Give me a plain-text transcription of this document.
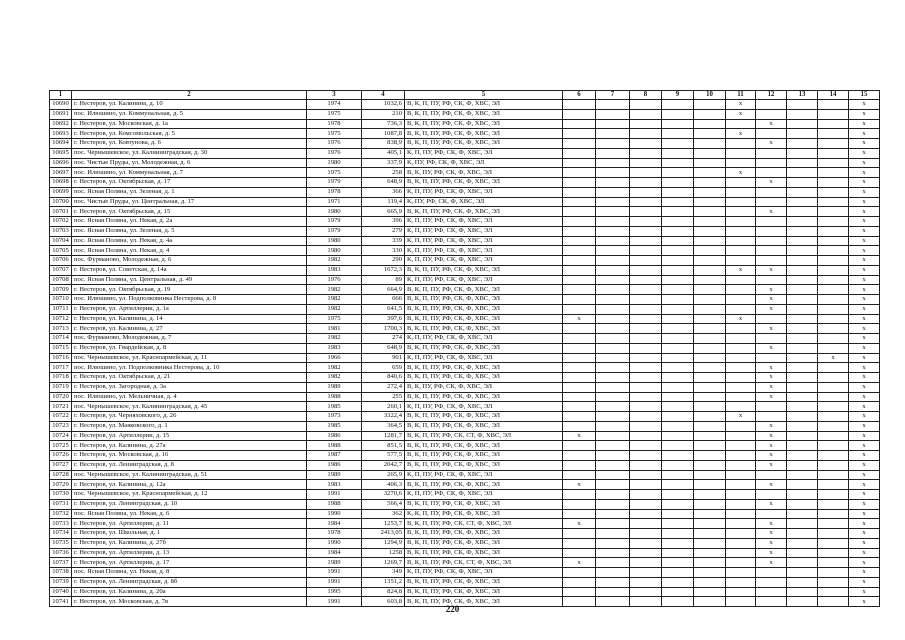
1	2	3	4	5	6	7	8	9	10	11	12	13	14	15
10690	г. Нестеров, ул. Калинина, д. 10	1974	1032,6	В, К, П, ПУ, РФ, СК, Ф, ХВС, ЭЛ						х				х
10691	пос. Илюшино, ул. Коммунальная, д. 5	1975	210	В, К, П, ПУ, РФ, СК, Ф, ХВС, ЭЛ						х				х
10692	г. Нестеров, ул. Московская, д. 1а	1978	736,3	В, К, П, ПУ, РФ, СК, Ф, ХВС, ЭЛ							х			х
10693	г. Нестеров, ул. Комсомольская, д. 5	1975	1087,8	В, К, П, ПУ, РФ, СК, Ф, ХВС, ЭЛ						х				х
10694	г. Нестеров, ул. Ковтунова, д. 6	1976	838,9	В, К, П, ПУ, РФ, СК, Ф, ХВС, ЭЛ							х			х
10695	пос. Чернышевское, ул. Калининградская, д. 30	1976	405,1	К, П, ПУ, РФ, СК, Ф, ХВС, ЭЛ										х
10696	пос. Чистые Пруды, ул. Молодежная, д. 6	1980	337,9	К, ПУ, РФ, СК, Ф, ХВС, ЭЛ										х
10697	пос. Илюшино, ул. Коммунальная, д. 7	1975	258	В, К, ПУ, РФ, СК, Ф, ХВС, ЭЛ						х				х
10698	г. Нестеров, ул. Октябрьская, д. 17	1979	648,9	В, К, П, ПУ, РФ, СК, Ф, ХВС, ЭЛ							х			х
10699	пос. Ясная Поляна, ул. Зеленая, д. 1	1978	366	К, П, ПУ, РФ, СК, Ф, ХВС, ЭЛ										х
10700	пос. Чистые Пруды, ул. Центральная, д. 17	1971	119,4	К, ПУ, РФ, СК, Ф, ХВС, ЭЛ										х
10701	г. Нестеров, ул. Октябрьская, д. 15	1980	665,9	В, К, П, ПУ, РФ, СК, Ф, ХВС, ЭЛ							х			х
10702	пос. Ясная Поляна, ул. Некая, д. 2а	1979	396	К, П, ПУ, РФ, СК, Ф, ХВС, ЭЛ										х
10703	пос. Ясная Поляна, ул. Зеленая, д. 5	1979	279	К, П, ПУ, РФ, СК, Ф, ХВС, ЭЛ										х
10704	пос. Ясная Поляна, ул. Некая, д. 4а	1980	339	К, П, ПУ, РФ, СК, Ф, ХВС, ЭЛ										х
10705	пос. Ясная Поляна, ул. Некая, д. 4	1980	330	К, П, ПУ, РФ, СК, Ф, ХВС, ЭЛ										х
10706	пос. Фурманово, Молодежная, д. 6	1982	290	К, П, ПУ, РФ, СК, Ф, ХВС, ЭЛ										х
10707	г. Нестеров, ул. Советская, д. 14а	1983	1672,3	В, К, П, ПУ, РФ, СК, Ф, ХВС, ЭЛ						х	х			х
10708	пос. Ясная Поляна, ул. Центральная, д. 49	1976	89	К, П, ПУ, РФ, СК, Ф, ХВС, ЭЛ										х
10709	г. Нестеров, ул. Октябрьская, д. 19	1982	664,9	В, К, П, ПУ, РФ, СК, Ф, ХВС, ЭЛ							х			х
10710	пос. Илюшино, ул. Подполковника Нестерова, д. 8	1982	666	В, К, П, ПУ, РФ, СК, Ф, ХВС, ЭЛ							х			х
10711	г. Нестеров, ул. Артиллерии, д. 1а	1982	641,5	В, К, П, ПУ, РФ, СК, Ф, ХВС, ЭЛ							х			х
10712	г. Нестеров, ул. Калинина, д. 14	1975	397,6	В, К, П, ПУ, РФ, СК, Ф, ХВС, ЭЛ	х					х				х
10713	г. Нестеров, ул. Калинина, д. 27	1981	1700,3	В, К, П, ПУ, РФ, СК, Ф, ХВС, ЭЛ							х			х
10714	пос. Фурманово, Молодежная, д. 7	1982	274	К, П, ПУ, РФ, СК, Ф, ХВС, ЭЛ										х
10715	г. Нестеров, ул. Гвардейская, д. 8	1983	648,9	В, К, П, ПУ, РФ, СК, Ф, ХВС, ЭЛ							х			х
10716	пос. Чернышевское, ул. Красноармейская, д. 11	1966	901	К, П, ПУ, РФ, СК, Ф, ХВС, ЭЛ									х	х
10717	пос. Илюшино, ул. Подполковника Нестерова, д. 10	1982	659	В, К, П, ПУ, РФ, СК, Ф, ХВС, ЭЛ							х			х
10718	г. Нестеров, ул. Октябрьская, д. 21	1982	840,6	В, К, П, ПУ, РФ, СК, Ф, ХВС, ЭЛ							х			х
10719	г. Нестеров, ул. Загородная, д. 3а	1989	272,4	В, К, ПУ, РФ, СК, Ф, ХВС, ЭЛ							х			х
10720	пос. Илюшино, ул. Мельничная, д. 4	1988	255	В, К, П, ПУ, РФ, СК, Ф, ХВС, ЭЛ							х			х
10721	пос. Чернышевское, ул. Калининградская, д. 45	1985	260,1	К, П, ПУ, РФ, СК, Ф, ХВС, ЭЛ										х
10722	г. Нестеров, ул. Черняховского, д. 26	1973	3322,4	В, К, П, ПУ, РФ, СК, Ф, ХВС, ЭЛ						х				х
10723	г. Нестеров, ул. Маяковского, д. 1	1985	364,5	В, К, П, ПУ, РФ, СК, Ф, ХВС, ЭЛ							х			х
10724	г. Нестеров, ул. Артиллерии, д. 15	1986	1281,7	В, К, П, ПУ, РФ, СК, СТ, Ф, ХВС, ЭЛ	х						х			х
10725	г. Нестеров, ул. Калинина, д. 27а	1988	851,5	В, К, П, ПУ, РФ, СК, Ф, ХВС, ЭЛ							х			х
10726	г. Нестеров, ул. Московская, д. 16	1987	577,5	В, К, П, ПУ, РФ, СК, Ф, ХВС, ЭЛ							х			х
10727	г. Нестеров, ул. Ленинградская, д. 8	1986	2042,7	В, К, П, ПУ, РФ, СК, Ф, ХВС, ЭЛ							х			х
10728	пос. Чернышевское, ул. Калининградская, д. 51	1989	265,9	К, П, ПУ, РФ, СК, Ф, ХВС, ЭЛ										х
10729	г. Нестеров, ул. Калинина, д. 12а	1983	406,3	В, К, П, ПУ, РФ, СК, Ф, ХВС, ЭЛ	х						х			х
10730	пос. Чернышевское, ул. Красноармейская, д. 12	1991	3270,6	К, П, ПУ, РФ, СК, Ф, ХВС, ЭЛ										х
10731	г. Нестеров, ул. Ленинградская, д. 10	1988	566,4	В, К, П, ПУ, РФ, СК, Ф, ХВС, ЭЛ							х			х
10732	пос. Ясная Поляна, ул. Некая, д. 6	1990	362	К, К, П, ПУ, РФ, СК, Ф, ХВС, ЭЛ										х
10733	г. Нестеров, ул. Артиллерии, д. 11	1984	1253,7	В, К, П, ПУ, РФ, СК, СТ, Ф, ХВС, ЭЛ	х						х			х
10734	г. Нестеров, ул. Школьная, д. 1	1978	2413,05	В, К, П, ПУ, РФ, СК, Ф, ХВС, ЭЛ							х			х
10735	г. Нестеров, ул. Калинина, д. 27б	1990	1294,9	В, К, П, ПУ, РФ, СК, Ф, ХВС, ЭЛ							х			х
10736	г. Нестеров, ул. Артиллерии, д. 13	1984	1258	В, К, П, ПУ, РФ, СК, Ф, ХВС, ЭЛ							х			х
10737	г. Нестеров, ул. Артиллерии, д. 17	1989	1269,7	В, К, П, ПУ, РФ, СК, СТ, Ф, ХВС, ЭЛ	х						х			х
10738	пос. Ясная Поляна, ул. Некая, д. 8	1991	349	К, П, ПУ, РФ, СК, Ф, ХВС, ЭЛ										х
10739	г. Нестеров, ул. Ленинградская, д. 8б	1991	1351,2	В, К, П, ПУ, РФ, СК, Ф, ХВС, ЭЛ										х
10740	г. Нестеров, ул. Калинина, д. 20а	1995	824,8	В, К, П, ПУ, РФ, СК, Ф, ХВС, ЭЛ										х
10741	г. Нестеров, ул. Московская, д. 7в	1991	603,8	В, К, П, ПУ, РФ, СК, Ф, ХВС, ЭЛ										х
220
